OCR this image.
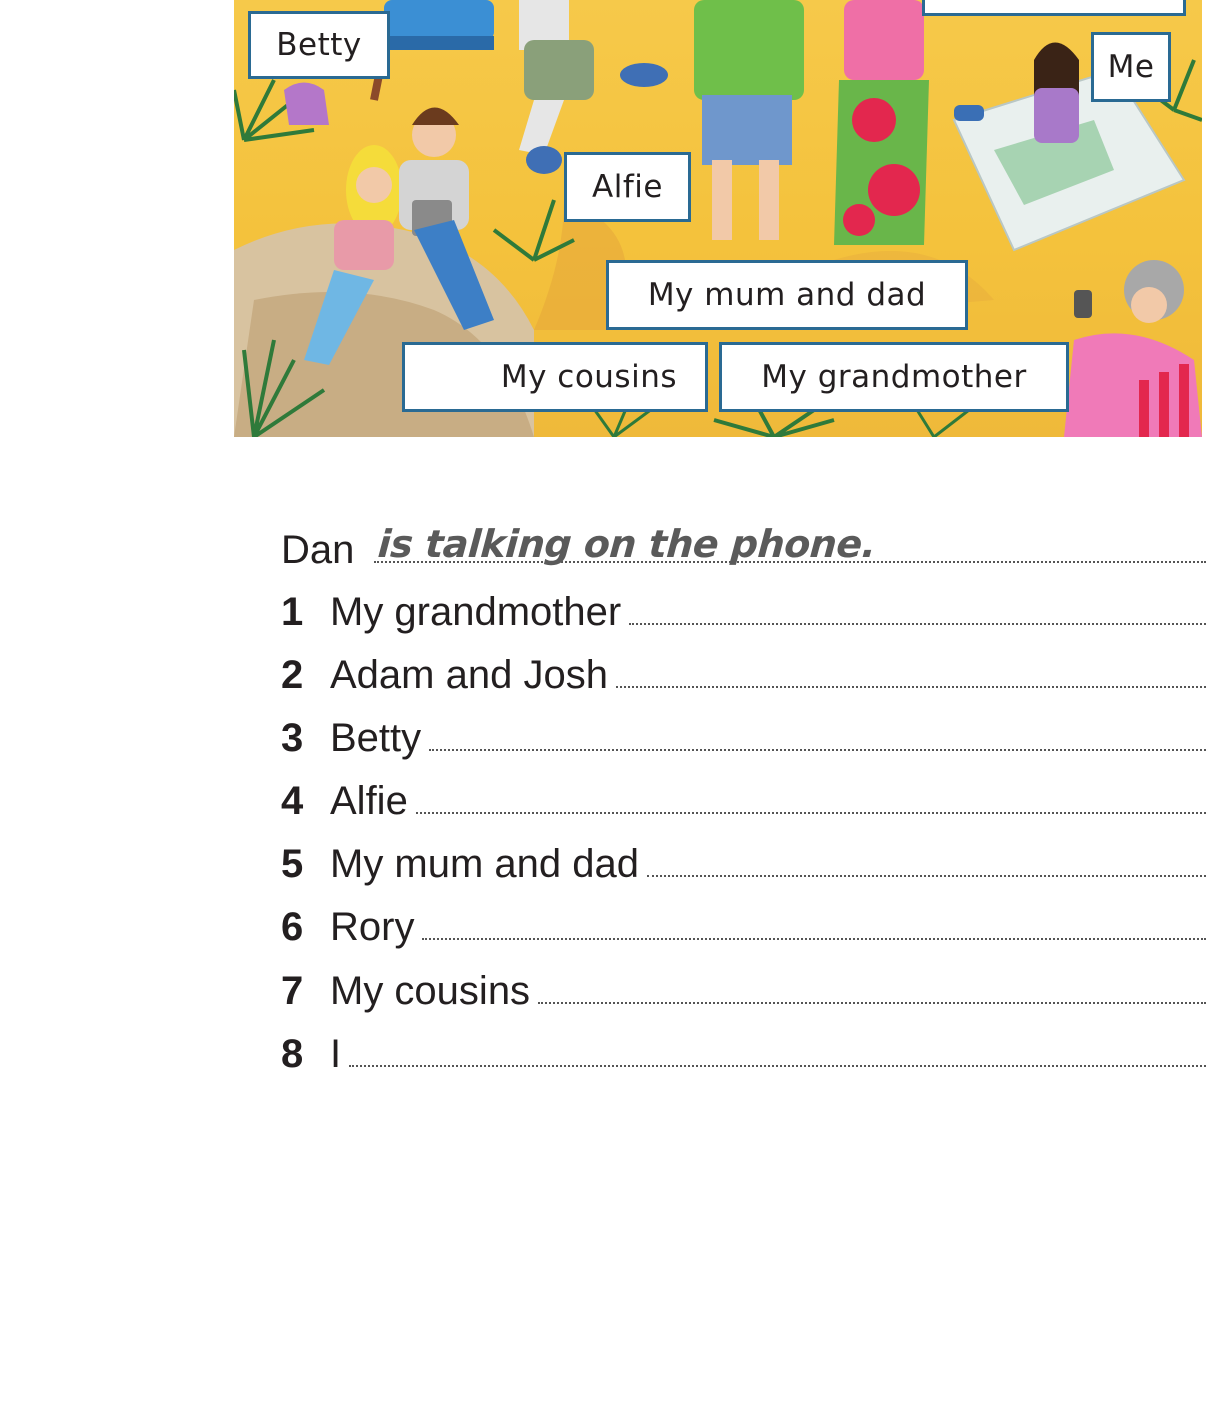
Betty
Me
Alfie
My mum and dad
My cousins	My grandmother
Dan is talking on the phone.
1 My grandmother
2 Adam and Josh
3 Betty
4 Alfie
5 My mum and dad
6 Rory
7 My cousins
8 I
